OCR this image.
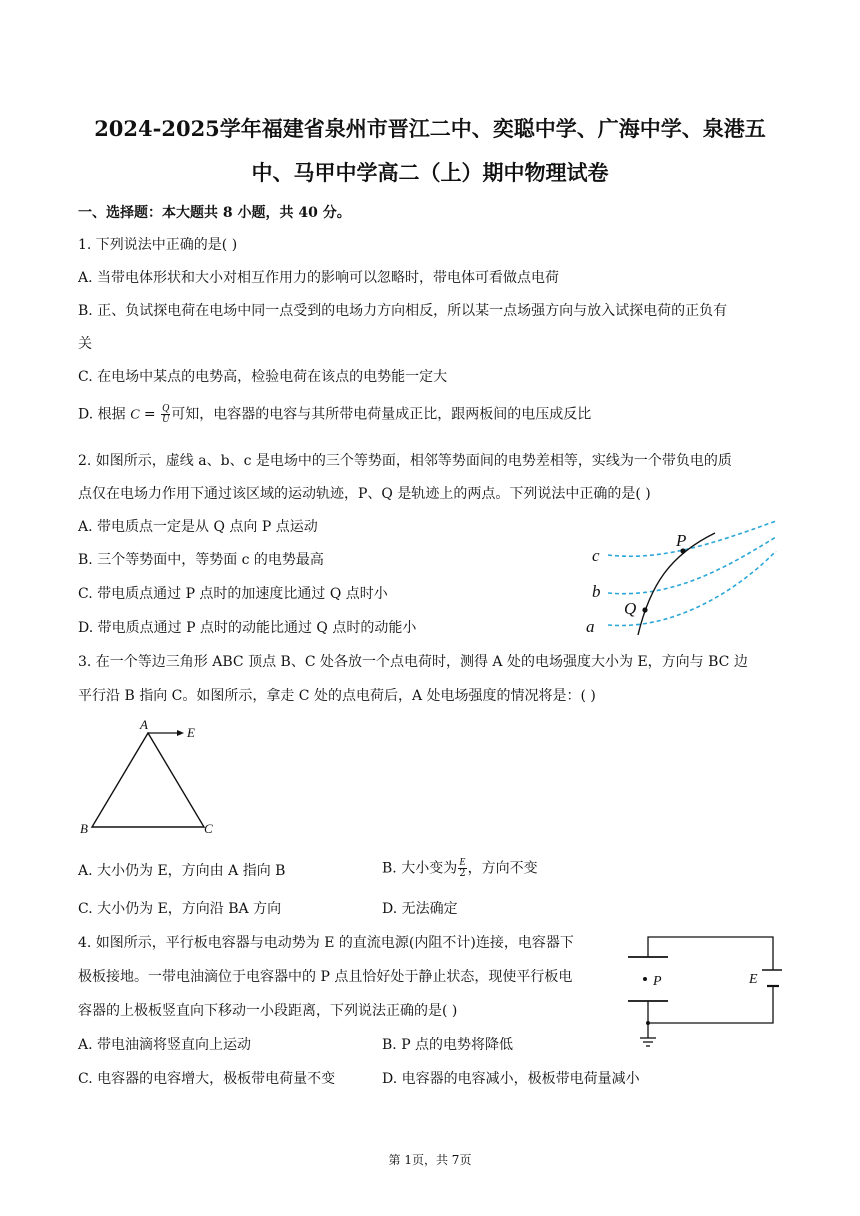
2024-2025学年福建省泉州市晋江二中、奕聪中学、广海中学、泉港五
中、马甲中学高二（上）期中物理试卷
一、选择题：本大题共 8 小题，共 40 分。
1. 下列说法中正确的是( )
A. 当带电体形状和大小对相互作用力的影响可以忽略时，带电体可看做点电荷
B. 正、负试探电荷在电场中同一点受到的电场力方向相反，所以某一点场强方向与放入试探电荷的正负有
关
C. 在电场中某点的电势高，检验电荷在该点的电势能一定大
D. 根据 $C = \frac{Q}{U}$ 可知，电容器的电容与其所带电荷量成正比，跟两板间的电压成反比
2. 如图所示，虚线 a、b、c 是电场中的三个等势面，相邻等势面间的电势差相等，实线为一个带负电的质
点仅在电场力作用下通过该区域的运动轨迹，P、Q 是轨迹上的两点。下列说法中正确的是( )
A. 带电质点一定是从 Q 点向 P 点运动
B. 三个等势面中，等势面 c 的电势最高
C. 带电质点通过 P 点时的加速度比通过 Q 点时小
D. 带电质点通过 P 点时的动能比通过 Q 点时的动能小
c
b
a
P
Q
3. 在一个等边三角形 ABC 顶点 B、C 处各放一个点电荷时，测得 A 处的电场强度大小为 E，方向与 BC 边
平行沿 B 指向 C。如图所示，拿走 C 处的点电荷后，A 处电场强度的情况将是：( )
A
E
B	C
A. 大小仍为 E，方向由 A 指向 B	B. 大小变为 $\frac{E}{2}$ ，方向不变
C. 大小仍为 E，方向沿 BA 方向	D. 无法确定
4. 如图所示，平行板电容器与电动势为 E 的直流电源(内阻不计)连接，电容器下
极板接地。一带电油滴位于电容器中的 P 点且恰好处于静止状态，现使平行板电
容器的上极板竖直向下移动一小段距离，下列说法正确的是( )
A. 带电油滴将竖直向上运动	B. P 点的电势将降低
C. 电容器的电容增大，极板带电荷量不变	D. 电容器的电容减小，极板带电荷量减小
P	E
第 1页，共 7页
